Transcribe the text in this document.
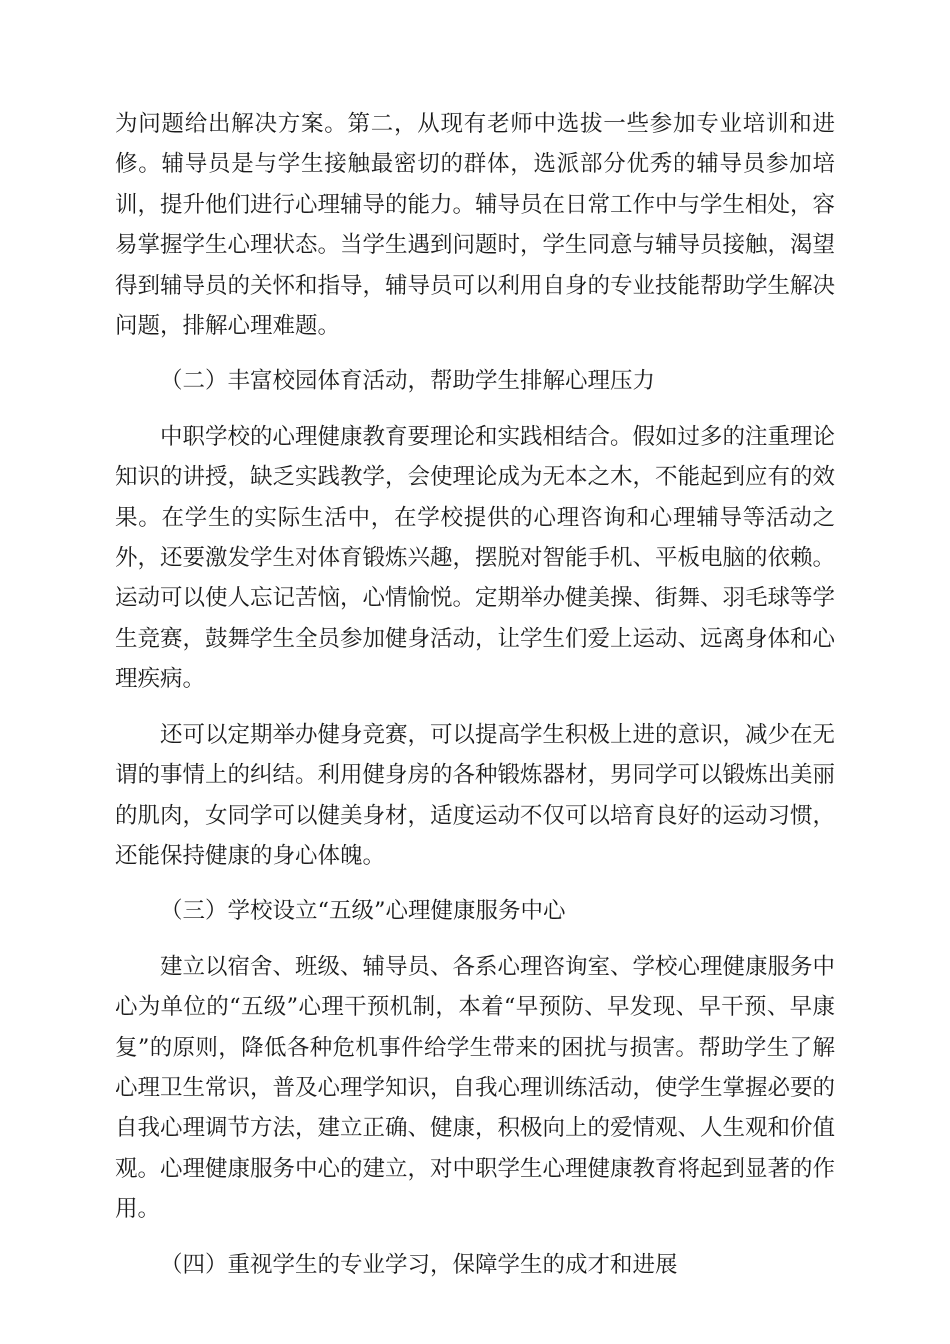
为问题给出解决方案。第二，从现有老师中选拔一些参加专业培训和进修。辅导员是与学生接触最密切的群体，选派部分优秀的辅导员参加培训，提升他们进行心理辅导的能力。辅导员在日常工作中与学生相处，容易掌握学生心理状态。当学生遇到问题时，学生同意与辅导员接触，渴望得到辅导员的关怀和指导，辅导员可以利用自身的专业技能帮助学生解决问题，排解心理难题。

（二）丰富校园体育活动，帮助学生排解心理压力

中职学校的心理健康教育要理论和实践相结合。假如过多的注重理论知识的讲授，缺乏实践教学，会使理论成为无本之木，不能起到应有的效果。在学生的实际生活中，在学校提供的心理咨询和心理辅导等活动之外，还要激发学生对体育锻炼兴趣，摆脱对智能手机、平板电脑的依赖。运动可以使人忘记苦恼，心情愉悦。定期举办健美操、街舞、羽毛球等学生竞赛，鼓舞学生全员参加健身活动，让学生们爱上运动、远离身体和心理疾病。

还可以定期举办健身竞赛，可以提高学生积极上进的意识，减少在无谓的事情上的纠结。利用健身房的各种锻炼器材，男同学可以锻炼出美丽的肌肉，女同学可以健美身材，适度运动不仅可以培育良好的运动习惯，还能保持健康的身心体魄。

（三）学校设立“五级”心理健康服务中心

建立以宿舍、班级、辅导员、各系心理咨询室、学校心理健康服务中心为单位的“五级”心理干预机制，本着“早预防、早发现、早干预、早康复”的原则，降低各种危机事件给学生带来的困扰与损害。帮助学生了解心理卫生常识，普及心理学知识，自我心理训练活动，使学生掌握必要的自我心理调节方法，建立正确、健康，积极向上的爱情观、人生观和价值观。心理健康服务中心的建立，对中职学生心理健康教育将起到显著的作用。

（四）重视学生的专业学习，保障学生的成才和进展
